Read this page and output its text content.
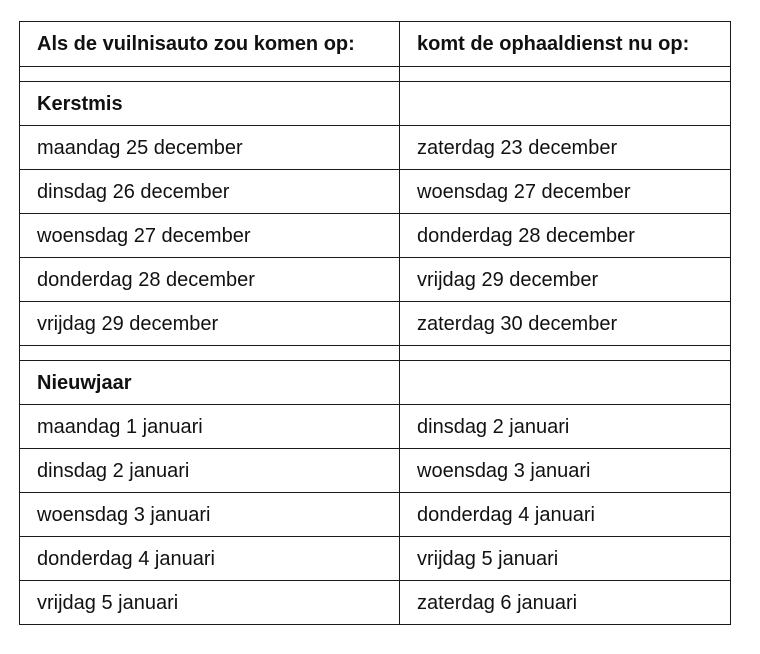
Als de vuilnisauto zou komen op:	komt de ophaaldienst nu op:

Kerstmis	
maandag 25 december	zaterdag 23 december
dinsdag 26 december	woensdag 27 december
woensdag 27 december	donderdag 28 december
donderdag 28 december	vrijdag 29 december
vrijdag 29 december	zaterdag 30 december

Nieuwjaar	
maandag 1 januari	dinsdag 2 januari
dinsdag 2 januari	woensdag 3 januari
woensdag 3 januari	donderdag 4 januari
donderdag 4 januari	vrijdag 5 januari
vrijdag 5 januari	zaterdag 6 januari
